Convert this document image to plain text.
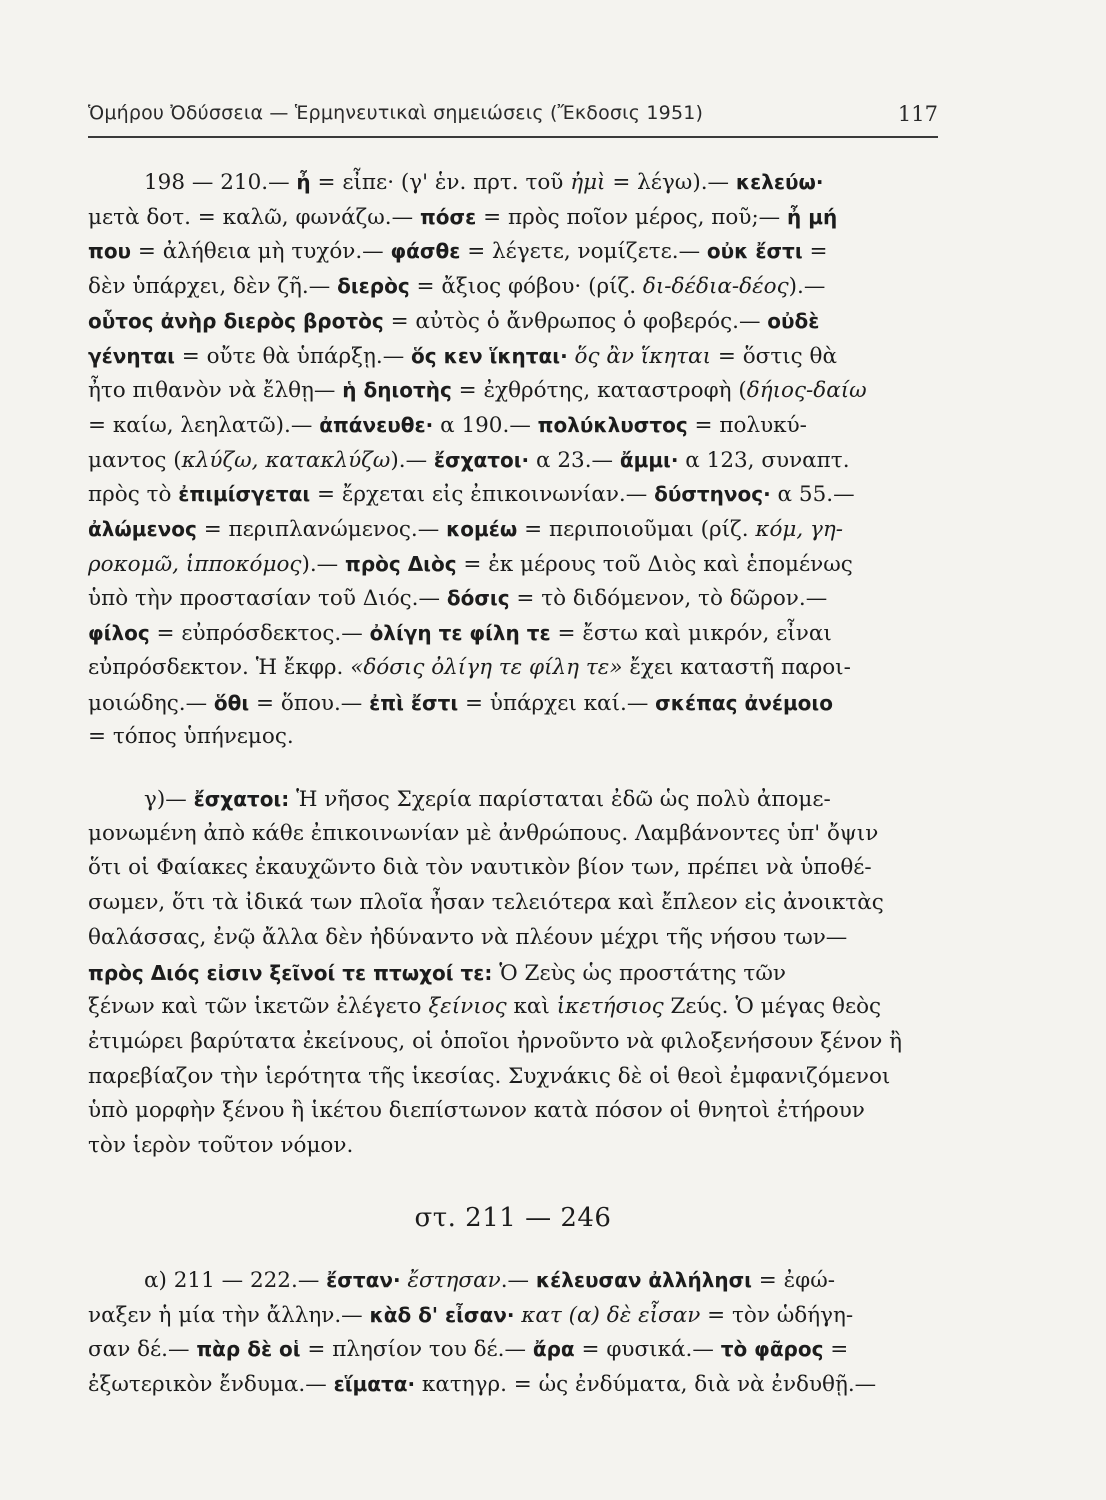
Ὁμήρου Ὀδύσσεια — Ἑρμηνευτικαὶ σημειώσεις (Ἔκδοσις 1951)	117
198 — 210.— ἦ = εἶπε· (γ' ἑν. πρτ. τοῦ ἠμὶ = λέγω).— κελεύω·
μετὰ δοτ. = καλῶ, φωνάζω.— πόσε = πρὸς ποῖον μέρος, ποῦ;— ἦ μή
που = ἀλήθεια μὴ τυχόν.— φάσθε = λέγετε, νομίζετε.— οὐκ ἔστι =
δὲν ὑπάρχει, δὲν ζῆ.— διερὸς = ἄξιος φόβου· (ρίζ. δι-δέδια-δέος).—
οὗτος ἀνὴρ διερὸς βροτὸς = αὐτὸς ὁ ἄνθρωπος ὁ φοβερός.— οὐδὲ
γένηται = οὔτε θὰ ὑπάρξῃ.— ὅς κεν ἵκηται· ὅς ἂν ἵκηται = ὅστις θὰ
ἦτο πιθανὸν νὰ ἔλθῃ— ἡ δηιοτὴς = ἐχθρότης, καταστροφὴ (δήιος-δαίω
= καίω, λεηλατῶ).— ἀπάνευθε· α 190.— πολύκλυστος = πολυκύ-
μαντος (κλύζω, κατακλύζω).— ἔσχατοι· α 23.— ἄμμι· α 123, συναπτ.
πρὸς τὸ ἐπιμίσγεται = ἔρχεται εἰς ἐπικοινωνίαν.— δύστηνος· α 55.—
ἀλώμενος = περιπλανώμενος.— κομέω = περιποιοῦμαι (ρίζ. κόμ, γη-
ροκομῶ, ἱπποκόμος).— πρὸς Διὸς = ἐκ μέρους τοῦ Διὸς καὶ ἑπομένως
ὑπὸ τὴν προστασίαν τοῦ Διός.— δόσις = τὸ διδόμενον, τὸ δῶρον.—
φίλος = εὐπρόσδεκτος.— ὀλίγη τε φίλη τε = ἔστω καὶ μικρόν, εἶναι
εὐπρόσδεκτον. Ἡ ἔκφρ. «δόσις ὀλίγη τε φίλη τε» ἔχει καταστῆ παροι-
μοιώδης.— ὅθι = ὅπου.— ἐπὶ ἔστι = ὑπάρχει καί.— σκέπας ἀνέμοιο
= τόπος ὑπήνεμος.
γ)— ἔσχατοι: Ἡ νῆσος Σχερία παρίσταται ἐδῶ ὡς πολὺ ἀπομε-
μονωμένη ἀπὸ κάθε ἐπικοινωνίαν μὲ ἀνθρώπους. Λαμβάνοντες ὑπ' ὄψιν
ὅτι οἱ Φαίακες ἐκαυχῶντο διὰ τὸν ναυτικὸν βίον των, πρέπει νὰ ὑποθέ-
σωμεν, ὅτι τὰ ἰδικά των πλοῖα ἦσαν τελειότερα καὶ ἔπλεον εἰς ἀνοικτὰς
θαλάσσας, ἐνῷ ἄλλα δὲν ἠδύναντο νὰ πλέουν μέχρι τῆς νήσου των—
πρὸς Διός εἰσιν ξεῖνοί τε πτωχοί τε: Ὁ Ζεὺς ὡς προστάτης τῶν
ξένων καὶ τῶν ἱκετῶν ἐλέγετο ξείνιος καὶ ἱκετήσιος Ζεύς. Ὁ μέγας θεὸς
ἐτιμώρει βαρύτατα ἐκείνους, οἱ ὁποῖοι ἠρνοῦντο νὰ φιλοξενήσουν ξένον ἢ
παρεβίαζον τὴν ἱερότητα τῆς ἱκεσίας. Συχνάκις δὲ οἱ θεοὶ ἐμφανιζόμενοι
ὑπὸ μορφὴν ξένου ἢ ἱκέτου διεπίστωνον κατὰ πόσον οἱ θνητοὶ ἐτήρουν
τὸν ἱερὸν τοῦτον νόμον.
στ. 211 — 246
α) 211 — 222.— ἔσταν· ἔστησαν.— κέλευσαν ἀλλήλησι = ἐφώ-
ναξεν ἡ μία τὴν ἄλλην.— κὰδ δ' εἶσαν· κατ (α) δὲ εἶσαν = τὸν ὡδήγη-
σαν δέ.— πὰρ δὲ οἱ = πλησίον του δέ.— ἄρα = φυσικά.— τὸ φᾶρος =
ἐξωτερικὸν ἔνδυμα.— εἵματα· κατηγρ. = ὡς ἐνδύματα, διὰ νὰ ἐνδυθῇ.—
